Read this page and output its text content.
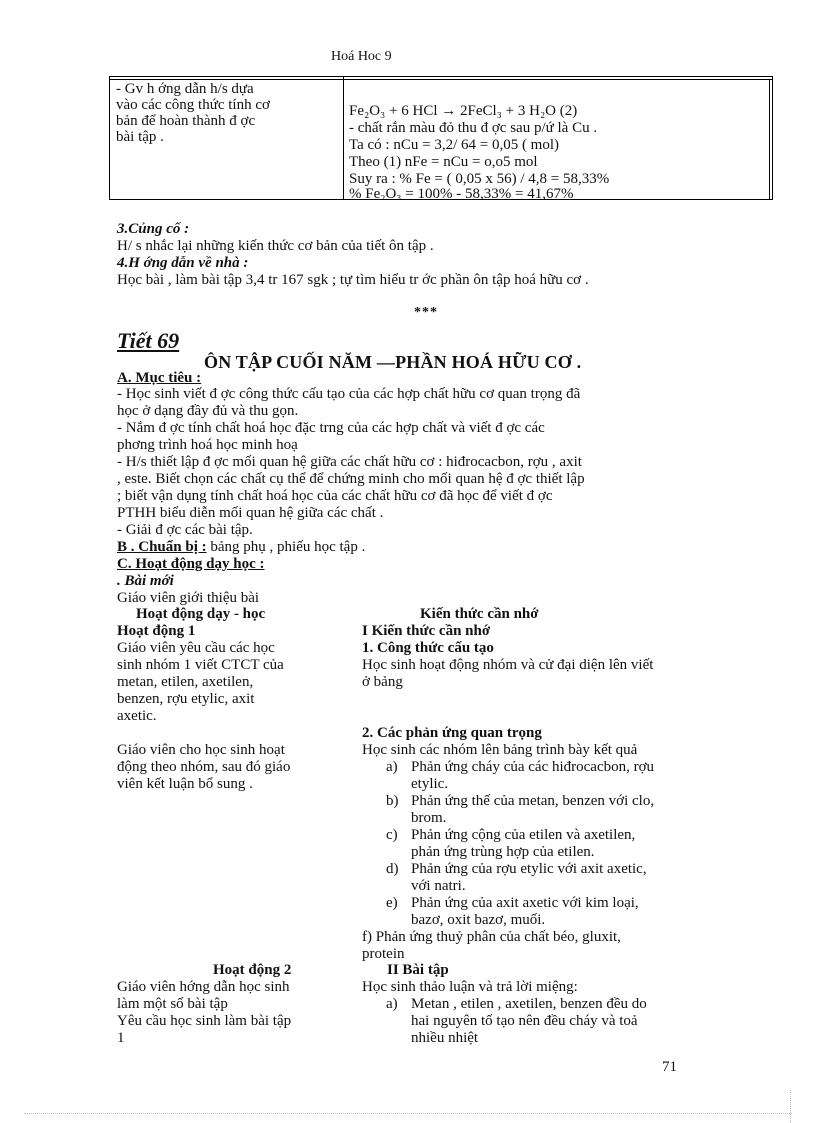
Hoá Hoc 9
- Gv h ớng dẫn h/s dựa
vào các công thức tính cơ
bản để hoàn thành đ ợc
bài tập .
Fe₂O₃ + 6 HCl → 2FeCl₃ + 3 H₂O (2)
- chất rắn màu đỏ thu đ ợc sau p/ứ là Cu .
Ta có : nCu = 3,2/ 64 = 0,05 ( mol)
Theo (1) nFe = nCu = o,o5 mol
Suy ra : % Fe = ( 0,05 x 56) / 4,8 = 58,33%
% Fe₂O₃ = 100% - 58,33% = 41,67%
3.Củng cố :
H/ s nhắc lại những kiến thức cơ bản của tiết ôn tập .
4.H ớng dẫn về nhà :
Học bài , làm bài tập 3,4 tr 167 sgk ; tự tìm hiểu tr ớc phần ôn tập hoá hữu cơ .
***
Tiết 69
ÔN TẬP CUỐI NĂM —PHẦN HOÁ HỮU CƠ .
A. Mục tiêu :
- Học sinh viết đ ợc công thức cấu tạo của các hợp chất hữu cơ quan trọng đã
học ở dạng đầy đủ và thu gọn.
- Nắm đ ợc tính chất hoá học đặc trng của các hợp chất và viết đ ợc các
phơng trình hoá học minh hoạ
- H/s thiết lập đ ợc mối quan hệ giữa các chất hữu cơ : hiđrocacbon, rợu , axit
, este. Biết chọn các chất cụ thể để chứng minh cho mối quan hệ đ ợc thiết lập
; biết vận dụng tính chất hoá học của các chất hữu cơ đã học để viết đ ợc
PTHH biểu diễn mối quan hệ giữa các chất .
- Giải đ ợc các bài tập.
B . Chuẩn bị : bảng phụ , phiếu học tập .
C. Hoạt động dạy học :
. Bài mới
Giáo viên giới thiệu bài
Hoạt động dạy - học
Hoạt động 1
Giáo viên yêu cầu các học
sinh nhóm 1 viết CTCT của
metan, etilen, axetilen,
benzen, rợu etylic, axit
axetic.
Giáo viên cho học sinh hoạt
động theo nhóm, sau đó giáo
viên kết luận bổ sung .
Hoạt động 2
Giáo viên hớng dẫn học sinh
làm một số bài tập
Yêu cầu học sinh làm bài tập
1
Kiến thức cần nhớ
I Kiến thức cần nhớ
1. Công thức cấu tạo
Học sinh hoạt động nhóm và cử đại diện lên viết
ở bảng
2. Các phản ứng quan trọng
Học sinh các nhóm lên bảng trình bày kết quả
a) Phản ứng cháy của các hiđrocacbon, rợu
etylic.
b) Phản ứng thế của metan, benzen với clo,
brom.
c) Phản ứng cộng của etilen và axetilen,
phản ứng trùng hợp của etilen.
d) Phản ứng của rợu etylic với axit axetic,
với natri.
e) Phản ứng của axit axetic với kim loại,
bazơ, oxit bazơ, muối.
f) Phản ứng thuỷ phân của chất béo, gluxit,
protein
II Bài tập
Học sinh thảo luận và trả lời miệng:
a) Metan , etilen , axetilen, benzen đều do
hai nguyên tố tạo nên đều cháy và toả
nhiều nhiệt
71
